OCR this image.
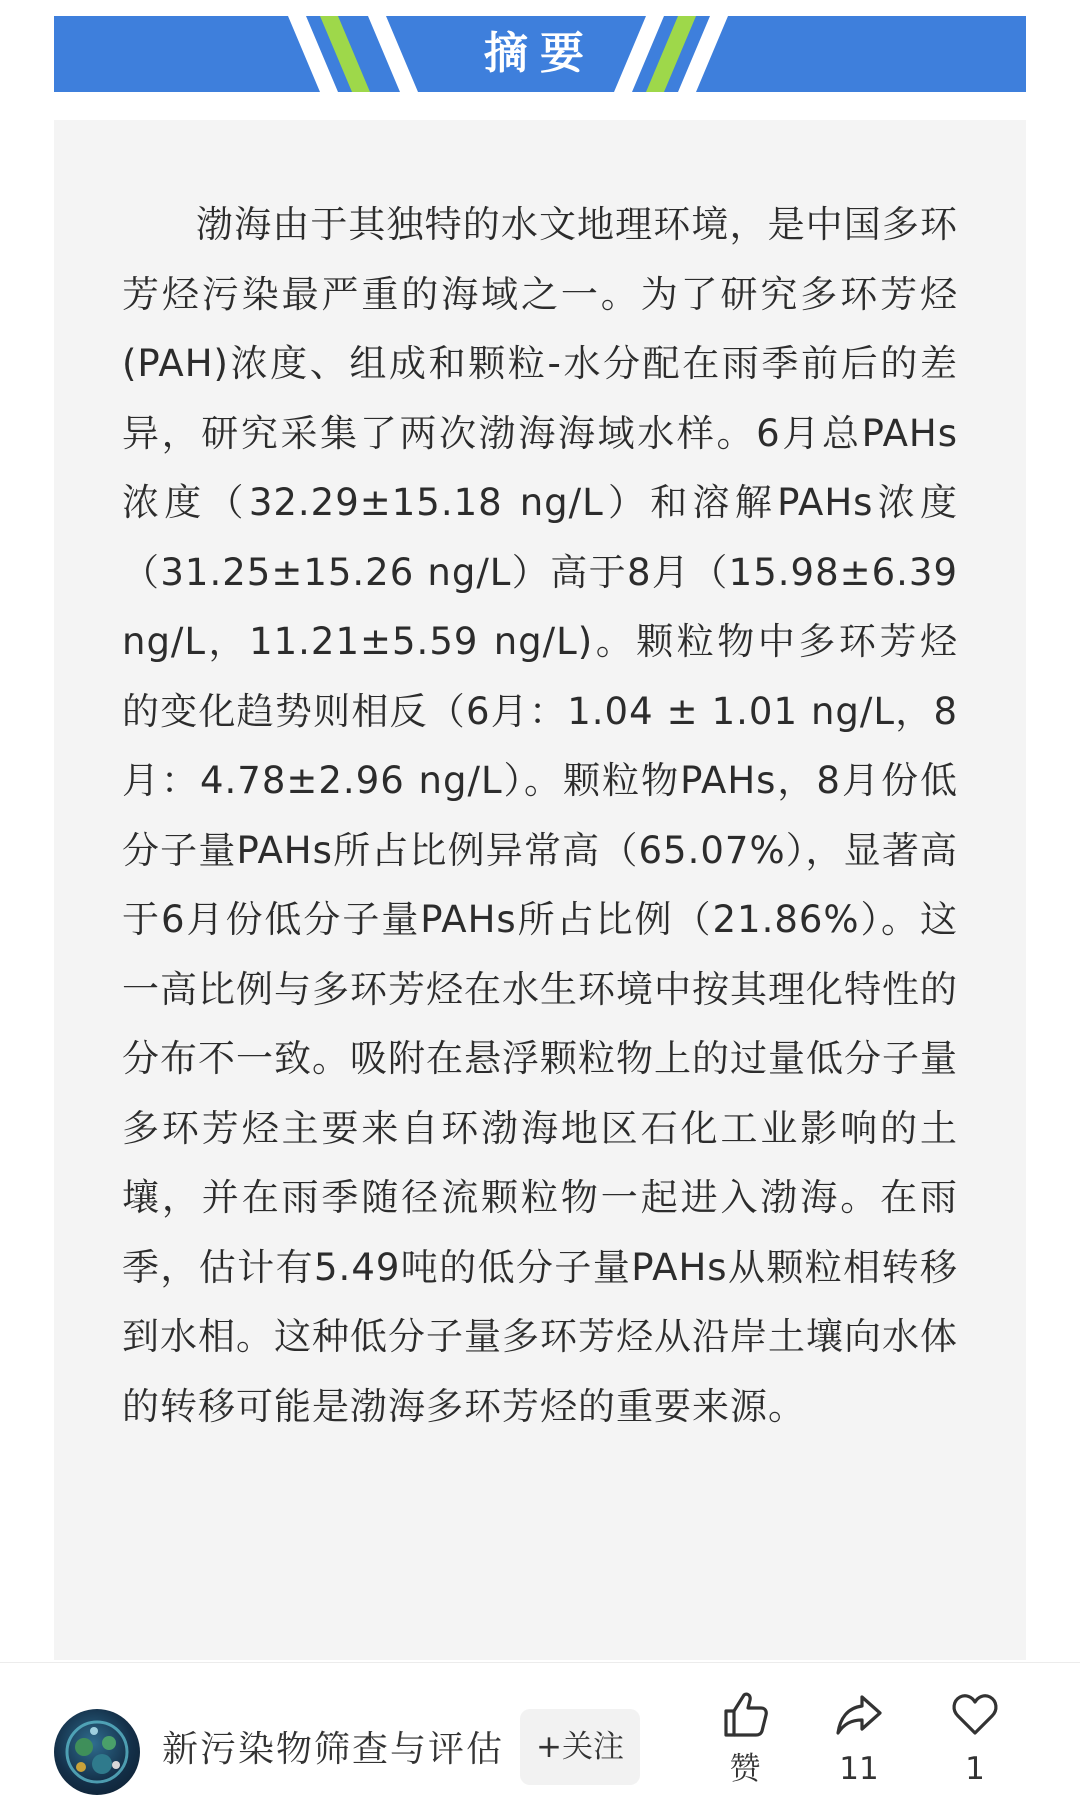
摘要

渤海由于其独特的水文地理环境，是中国多环芳烃污染最严重的海域之一。为了研究多环芳烃(PAH)浓度、组成和颗粒-水分配在雨季前后的差异，研究采集了两次渤海海域水样。6月总PAHs浓度（32.29±15.18 ng/L）和溶解PAHs浓度（31.25±15.26 ng/L）高于8月（15.98±6.39 ng/L，11.21±5.59 ng/L)。颗粒物中多环芳烃的变化趋势则相反（6月：1.04 ± 1.01 ng/L，8月：4.78±2.96 ng/L）。颗粒物PAHs，8月份低分子量PAHs所占比例异常高（65.07%），显著高于6月份低分子量PAHs所占比例（21.86%）。这一高比例与多环芳烃在水生环境中按其理化特性的分布不一致。吸附在悬浮颗粒物上的过量低分子量多环芳烃主要来自环渤海地区石化工业影响的土壤，并在雨季随径流颗粒物一起进入渤海。在雨季，估计有5.49吨的低分子量PAHs从颗粒相转移到水相。这种低分子量多环芳烃从沿岸土壤向水体的转移可能是渤海多环芳烃的重要来源。

新污染物筛查与评估	+关注
赞	11	1
